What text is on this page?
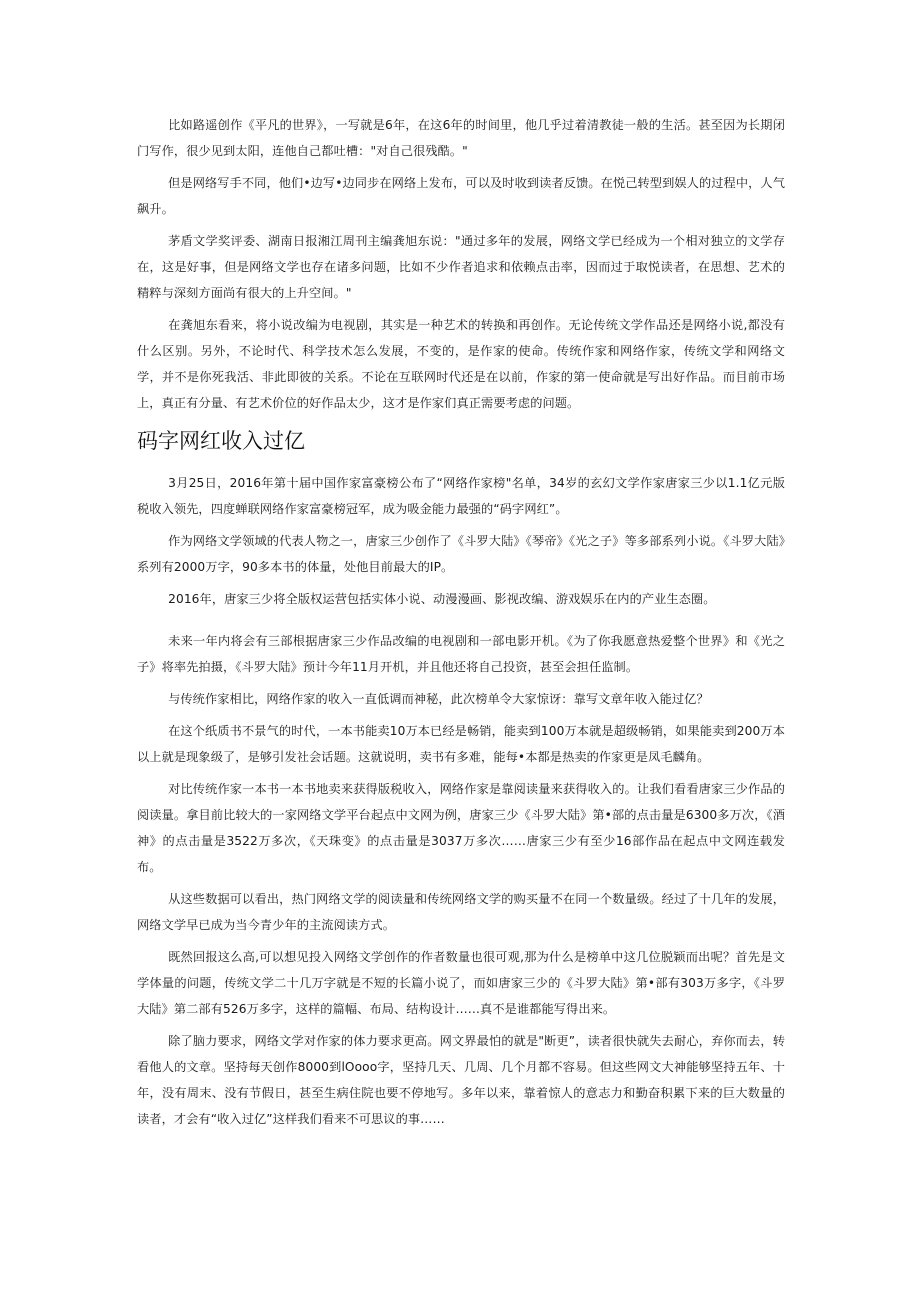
比如路遥创作《平凡的世界》，一写就是6年，在这6年的时间里，他几乎过着清教徒一般的生活。甚至因为长期闭门写作，很少见到太阳，连他自己都吐槽："对自己很残酷。"

但是网络写手不同，他们•边写•边同步在网络上发布，可以及时收到读者反馈。在悦己转型到娱人的过程中，人气飙升。

茅盾文学奖评委、湖南日报湘江周刊主编龚旭东说："通过多年的发展，网络文学已经成为一个相对独立的文学存在，这是好事，但是网络文学也存在诸多问题，比如不少作者追求和依赖点击率，因而过于取悦读者，在思想、艺术的精粹与深刻方面尚有很大的上升空间。"

在龚旭东看来，将小说改编为电视剧，其实是一种艺术的转换和再创作。无论传统文学作品还是网络小说,都没有什么区别。另外，不论时代、科学技术怎么发展，不变的，是作家的使命。传统作家和网络作家，传统文学和网络文学，并不是你死我活、非此即彼的关系。不论在互联网时代还是在以前，作家的第一使命就是写出好作品。而目前市场上，真正有分量、有艺术价位的好作品太少，这才是作家们真正需要考虑的问题。

码字网红收入过亿

3月25日，2016年第十届中国作家富豪榜公布了“网络作家榜"名单，34岁的玄幻文学作家唐家三少以1.1亿元版税收入领先，四度蝉联网络作家富豪榜冠军，成为吸金能力最强的“码字网红”。

作为网络文学领域的代表人物之一，唐家三少创作了《斗罗大陆》《琴帝》《光之子》等多部系列小说。《斗罗大陆》系列有2000万字，90多本书的体量，处他目前最大的IP。

2016年，唐家三少将全版权运营包括实体小说、动漫漫画、影视改编、游戏娱乐在内的产业生态圈。

未来一年内将会有三部根据唐家三少作品改编的电视剧和一部电影开机。《为了你我愿意热爱整个世界》和《光之子》将率先拍摄，《斗罗大陆》预计今年11月开机，并且他还将自己投资，甚至会担任监制。

与传统作家相比，网络作家的收入一直低调而神秘，此次榜单令大家惊讶：靠写文章年收入能过亿？

在这个纸质书不景气的时代，一本书能卖10万本已经是畅销，能卖到100万本就是超级畅销，如果能卖到200万本以上就是现象级了，是够引发社会话题。这就说明，卖书有多难，能每•本都是热卖的作家更是凤毛麟角。

对比传统作家一本书一本书地卖来获得版税收入，网络作家是靠阅读量来获得收入的。让我们看看唐家三少作品的阅读量。拿目前比较大的一家网络文学平台起点中文网为例，唐家三少《斗罗大陆》第•部的点击量是6300多万次，《酒神》的点击量是3522万多次，《天珠变》的点击量是3037万多次……唐家三少有至少16部作品在起点中文网连载发布。

从这些数据可以看出，热门网络文学的阅读量和传统网络文学的购买量不在同一个数量级。经过了十几年的发展，网络文学早已成为当今青少年的主流阅读方式。

既然回报这么高,可以想见投入网络文学创作的作者数量也很可观,那为什么是榜单中这几位脱颖而出呢？首先是文学体量的问题，传统文学二十几万字就是不短的长篇小说了，而如唐家三少的《斗罗大陆》第•部有303万多字，《斗罗大陆》第二部有526万多字，这样的篇幅、布局、结构设计……真不是谁都能写得出来。

除了脑力要求，网络文学对作家的体力要求更高。网文界最怕的就是"断更”，读者很快就失去耐心，弃你而去，转看他人的文章。坚持每天创作8000到lOooo字，坚持几天、几周、几个月都不容易。但这些网文大神能够坚持五年、十年，没有周末、没有节假日，甚至生病住院也要不停地写。多年以来，靠着惊人的意志力和勤奋积累下来的巨大数量的读者，才会有“收入过亿”这样我们看来不可思议的事……
